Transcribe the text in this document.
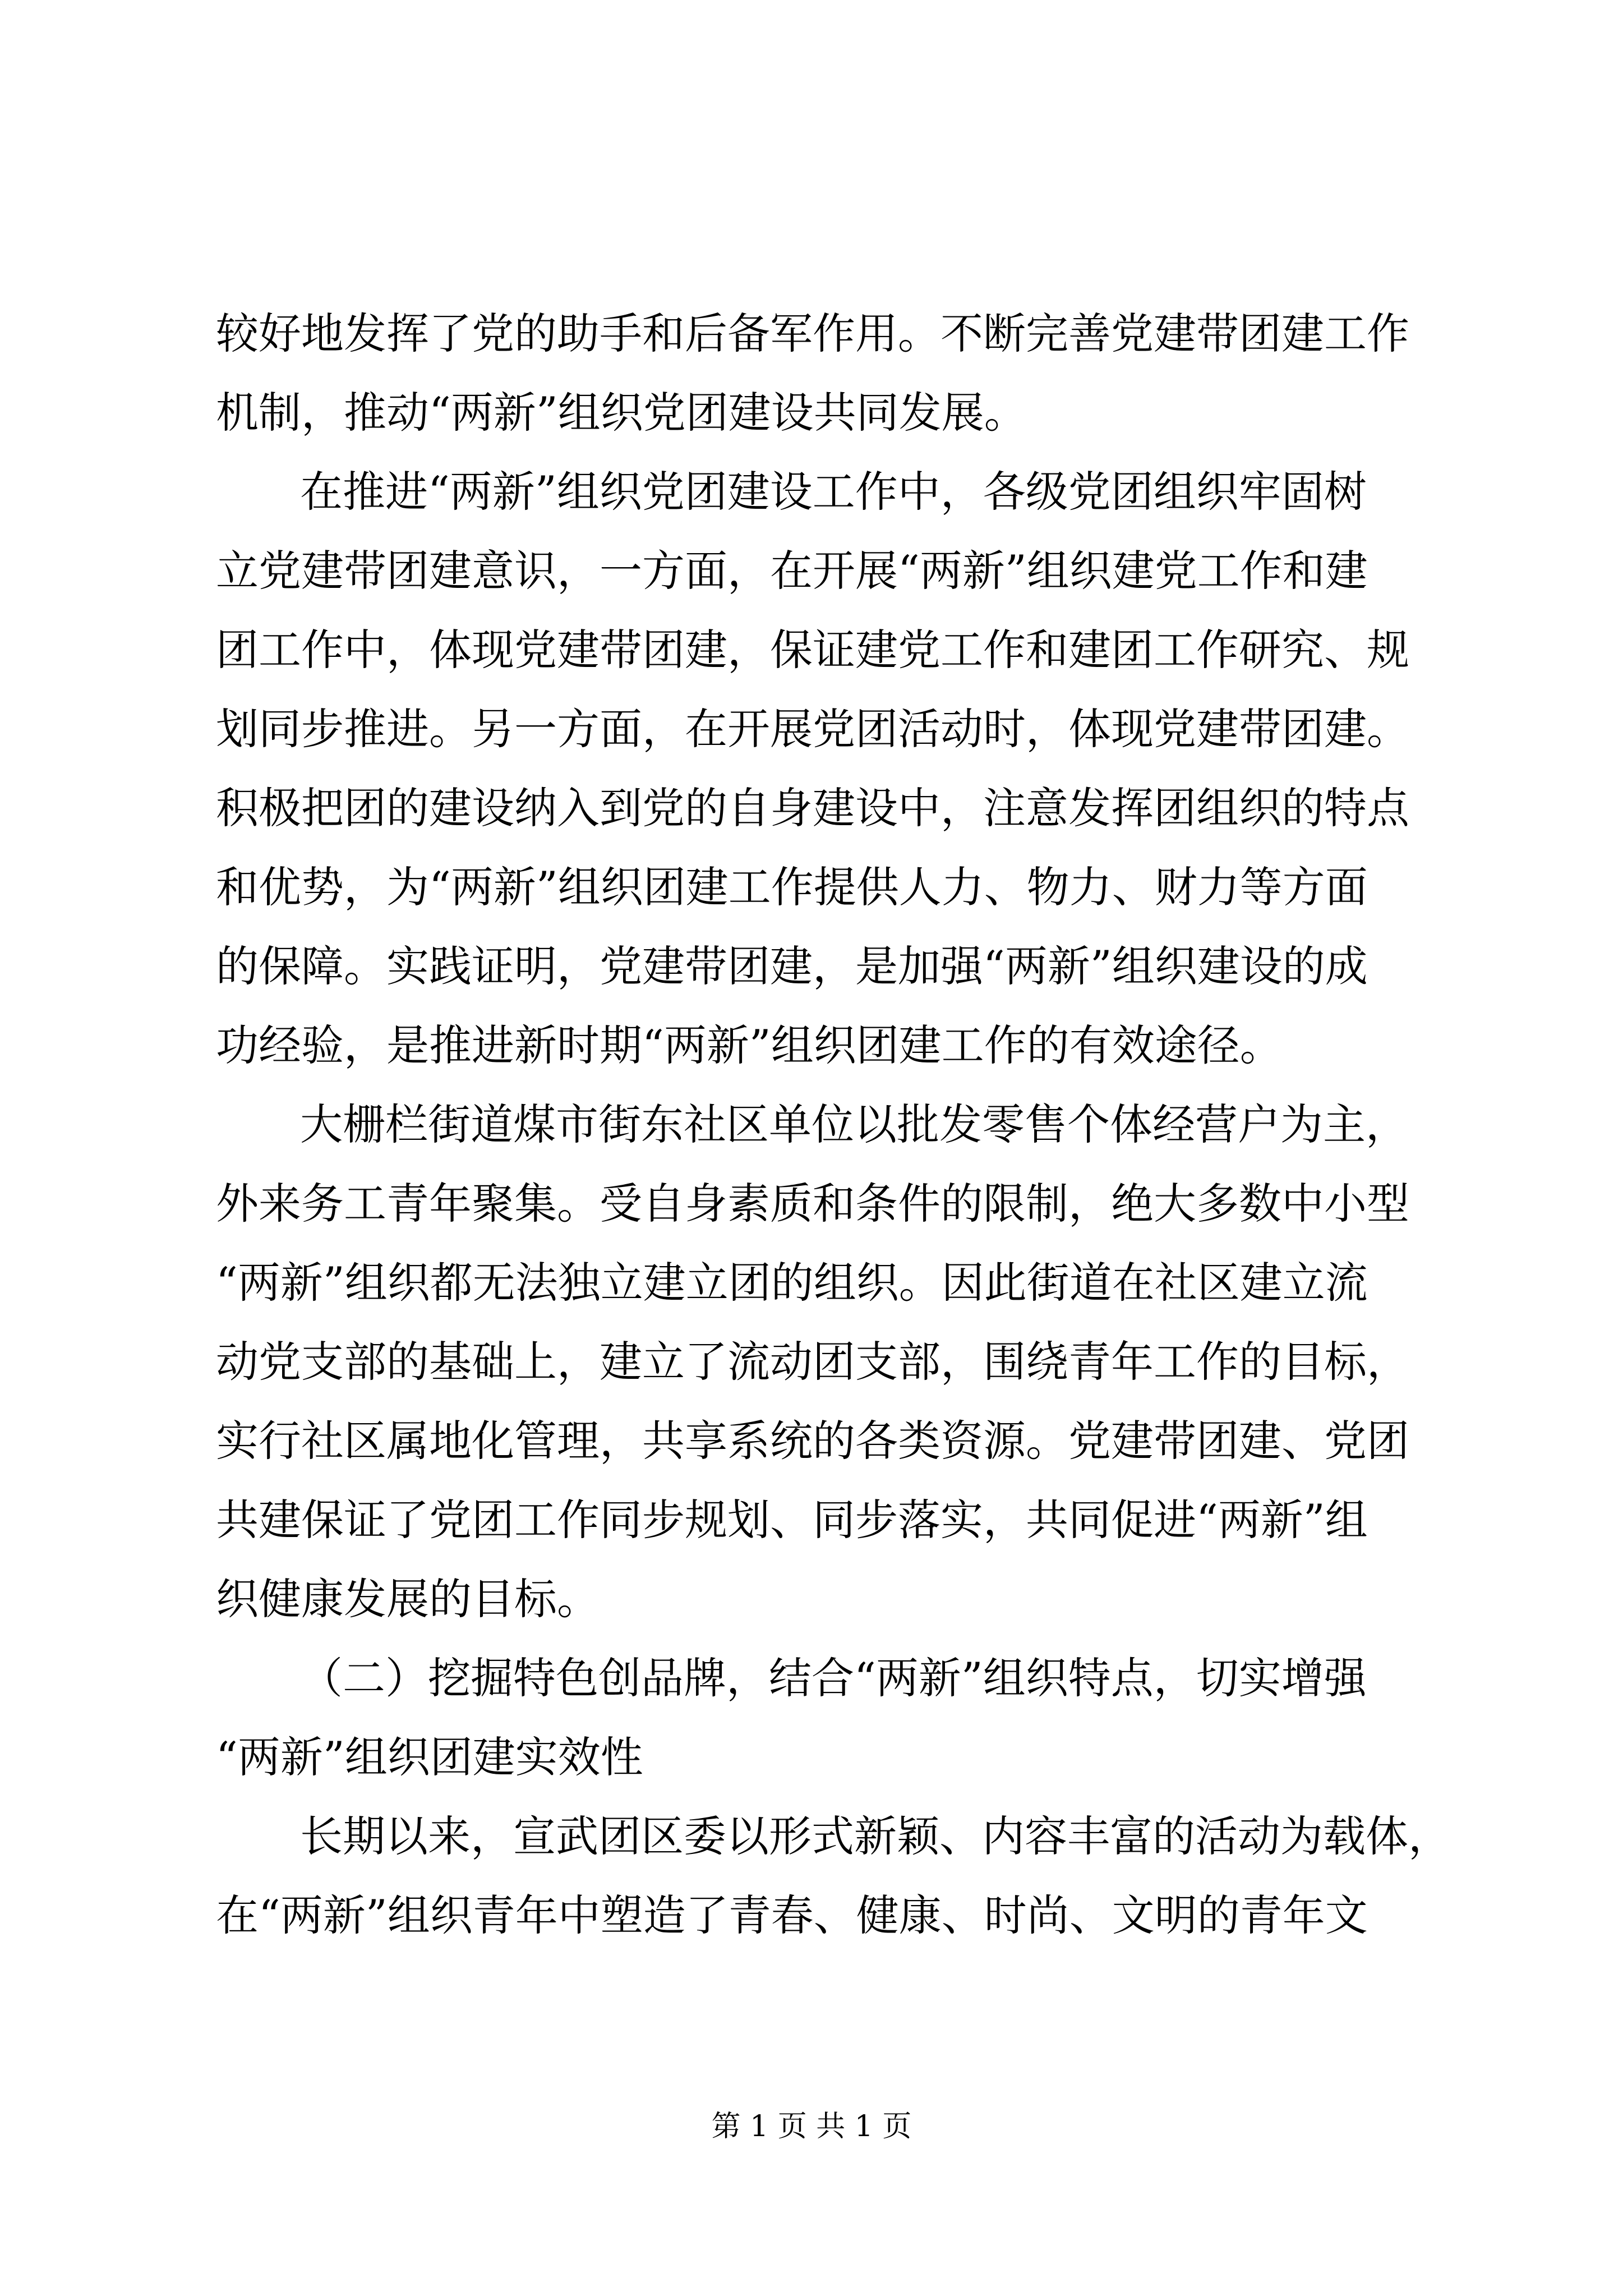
较好地发挥了党的助手和后备军作用。不断完善党建带团建工作
机制，推动“两新”组织党团建设共同发展。
在推进“两新”组织党团建设工作中，各级党团组织牢固树
立党建带团建意识，一方面，在开展“两新”组织建党工作和建
团工作中，体现党建带团建，保证建党工作和建团工作研究、规
划同步推进。另一方面，在开展党团活动时，体现党建带团建。
积极把团的建设纳入到党的自身建设中，注意发挥团组织的特点
和优势，为“两新”组织团建工作提供人力、物力、财力等方面
的保障。实践证明，党建带团建，是加强“两新”组织建设的成
功经验，是推进新时期“两新”组织团建工作的有效途径。
大栅栏街道煤市街东社区单位以批发零售个体经营户为主，
外来务工青年聚集。受自身素质和条件的限制，绝大多数中小型
“两新”组织都无法独立建立团的组织。因此街道在社区建立流
动党支部的基础上，建立了流动团支部，围绕青年工作的目标，
实行社区属地化管理，共享系统的各类资源。党建带团建、党团
共建保证了党团工作同步规划、同步落实，共同促进“两新”组
织健康发展的目标。
（二）挖掘特色创品牌，结合“两新”组织特点，切实增强
“两新”组织团建实效性
长期以来，宣武团区委以形式新颖、内容丰富的活动为载体，
在“两新”组织青年中塑造了青春、健康、时尚、文明的青年文
第 1 页 共 1 页
